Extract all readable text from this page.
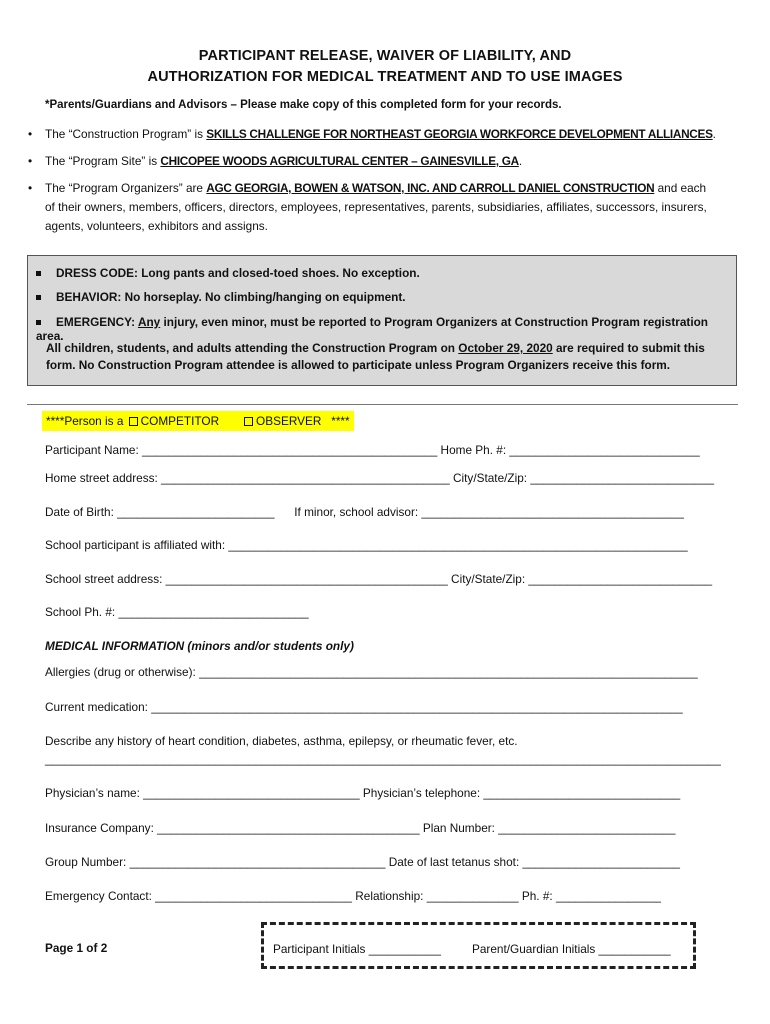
PARTICIPANT RELEASE, WAIVER OF LIABILITY, AND
AUTHORIZATION FOR MEDICAL TREATMENT AND TO USE IMAGES
*Parents/Guardians and Advisors – Please make copy of this completed form for your records.
• The “Construction Program” is SKILLS CHALLENGE FOR NORTHEAST GEORGIA WORKFORCE DEVELOPMENT ALLIANCES.
• The “Program Site” is CHICOPEE WOODS AGRICULTURAL CENTER – GAINESVILLE, GA.
• The “Program Organizers” are AGC GEORGIA, BOWEN & WATSON, INC. AND CARROLL DANIEL CONSTRUCTION and each of their owners, members, officers, directors, employees, representatives, parents, subsidiaries, affiliates, successors, insurers, agents, volunteers, exhibitors and assigns.
DRESS CODE: Long pants and closed-toed shoes. No exception.
BEHAVIOR: No horseplay. No climbing/hanging on equipment.
EMERGENCY: Any injury, even minor, must be reported to Program Organizers at Construction Program registration area.
All children, students, and adults attending the Construction Program on October 29, 2020 are required to submit this form. No Construction Program attendee is allowed to participate unless Program Organizers receive this form.
****Person is a COMPETITOR	OBSERVER ****
Participant Name: _____________________________________________ Home Ph. #: _____________________________
Home street address: ____________________________________________ City/State/Zip: ____________________________
Date of Birth: ________________________      If minor, school advisor: ________________________________________
School participant is affiliated with: ______________________________________________________________________
School street address: ___________________________________________ City/State/Zip: ____________________________
School Ph. #: _____________________________
MEDICAL INFORMATION (minors and/or students only)
Allergies (drug or otherwise): ____________________________________________________________________________
Current medication: _________________________________________________________________________________
Describe any history of heart condition, diabetes, asthma, epilepsy, or rheumatic fever, etc.
_______________________________________________________________________________________________________
Physician’s name: _________________________________ Physician’s telephone: ______________________________
Insurance Company: ________________________________________ Plan Number: ___________________________
Group Number: _______________________________________ Date of last tetanus shot: ________________________
Emergency Contact: ______________________________ Relationship: ______________ Ph. #: ________________
Page 1 of 2	Participant Initials ___________	Parent/Guardian Initials ___________
